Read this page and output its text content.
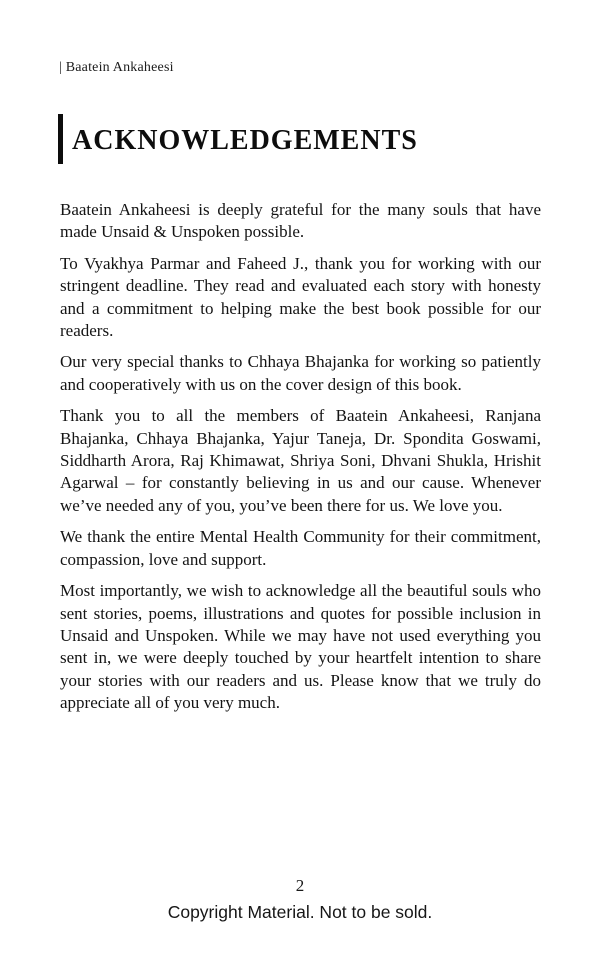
| Baatein Ankaheesi
ACKNOWLEDGEMENTS

Baatein Ankaheesi is deeply grateful for the many souls that have made Unsaid & Unspoken possible.

To Vyakhya Parmar and Faheed J., thank you for working with our stringent deadline. They read and evaluated each story with honesty and a commitment to helping make the best book possible for our readers.

Our very special thanks to Chhaya Bhajanka for working so patiently and cooperatively with us on the cover design of this book.

Thank you to all the members of Baatein Ankaheesi, Ranjana Bhajanka, Chhaya Bhajanka, Yajur Taneja, Dr. Spondita Goswami, Siddharth Arora, Raj Khimawat, Shriya Soni, Dhvani Shukla, Hrishit Agarwal – for constantly believing in us and our cause. Whenever we’ve needed any of you, you’ve been there for us. We love you.

We thank the entire Mental Health Community for their commitment, compassion, love and support.

Most importantly, we wish to acknowledge all the beautiful souls who sent stories, poems, illustrations and quotes for possible inclusion in Unsaid and Unspoken. While we may have not used everything you sent in, we were deeply touched by your heartfelt intention to share your stories with our readers and us. Please know that we truly do appreciate all of you very much.

2
Copyright Material. Not to be sold.
